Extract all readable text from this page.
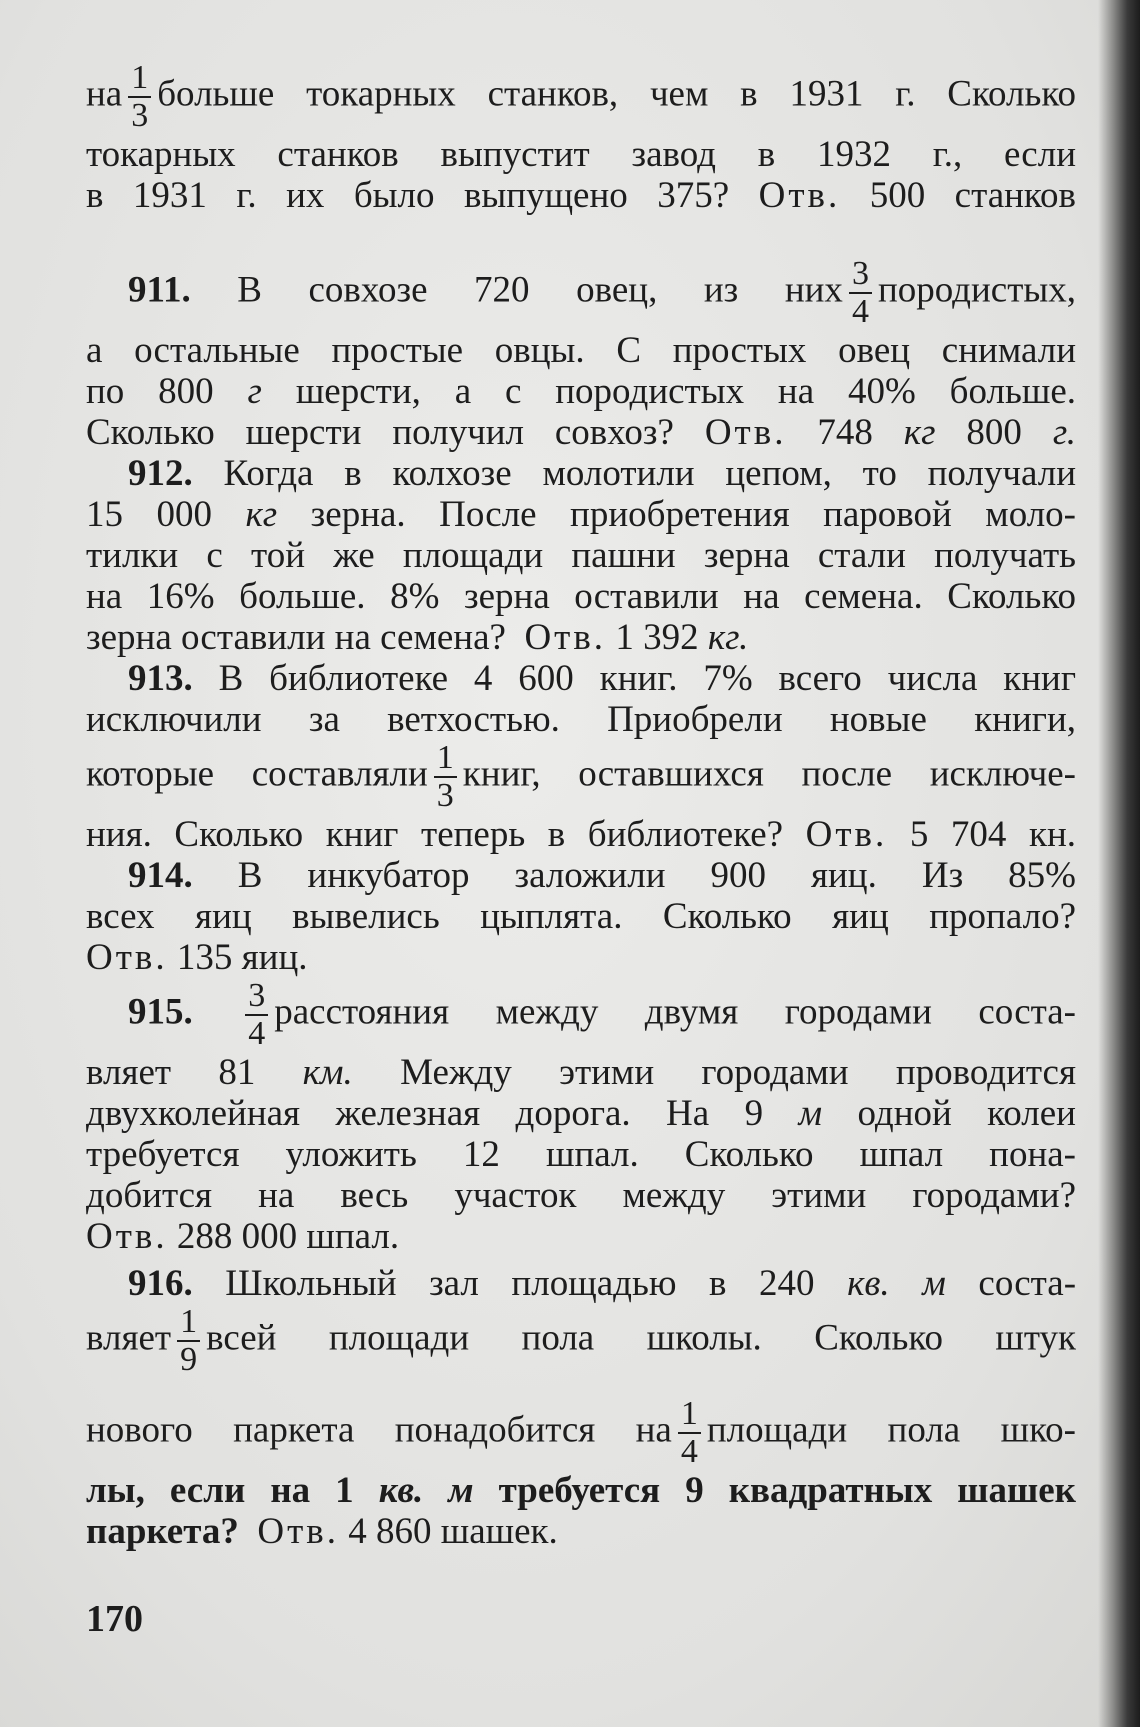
на $\frac{1}{3}$ больше токарных станков, чем в 1931 г. Сколько
токарных станков выпустит завод в 1932 г., если
в 1931 г. их было выпущено 375? Отв. 500 станков
911. В совхозе 720 овец, из них $\frac{3}{4}$ породистых,
а остальные простые овцы. С простых овец снимали
по 800 г шерсти, а с породистых на 40% больше.
Сколько шерсти получил совхоз? Отв. 748 кг 800 г.
912. Когда в колхозе молотили цепом, то получали
15 000 кг зерна. После приобретения паровой моло-
тилки с той же площади пашни зерна стали получать
на 16% больше. 8% зерна оставили на семена. Сколько
зерна оставили на семена? Отв. 1 392 кг.
913. В библиотеке 4 600 книг. 7% всего числа книг
исключили за ветхостью. Приобрели новые книги,
которые составляли $\frac{1}{3}$ книг, оставшихся после исключе-
ния. Сколько книг теперь в библиотеке? Отв. 5 704 кн.
914. В инкубатор заложили 900 яиц. Из 85%
всех яиц вывелись цыплята. Сколько яиц пропало?
Отв. 135 яиц.
915. $\frac{3}{4}$ расстояния между двумя городами соста-
вляет 81 км. Между этими городами проводится
двухколейная железная дорога. На 9 м одной колеи
требуется уложить 12 шпал. Сколько шпал пона-
добится на весь участок между этими городами?
Отв. 288 000 шпал.
916. Школьный зал площадью в 240 кв. м соста-
вляет $\frac{1}{9}$ всей площади пола школы. Сколько штук
нового паркета понадобится на $\frac{1}{4}$ площади пола шко-
лы, если на 1 кв. м требуется 9 квадратных шашек
паркета? Отв. 4 860 шашек.
170
